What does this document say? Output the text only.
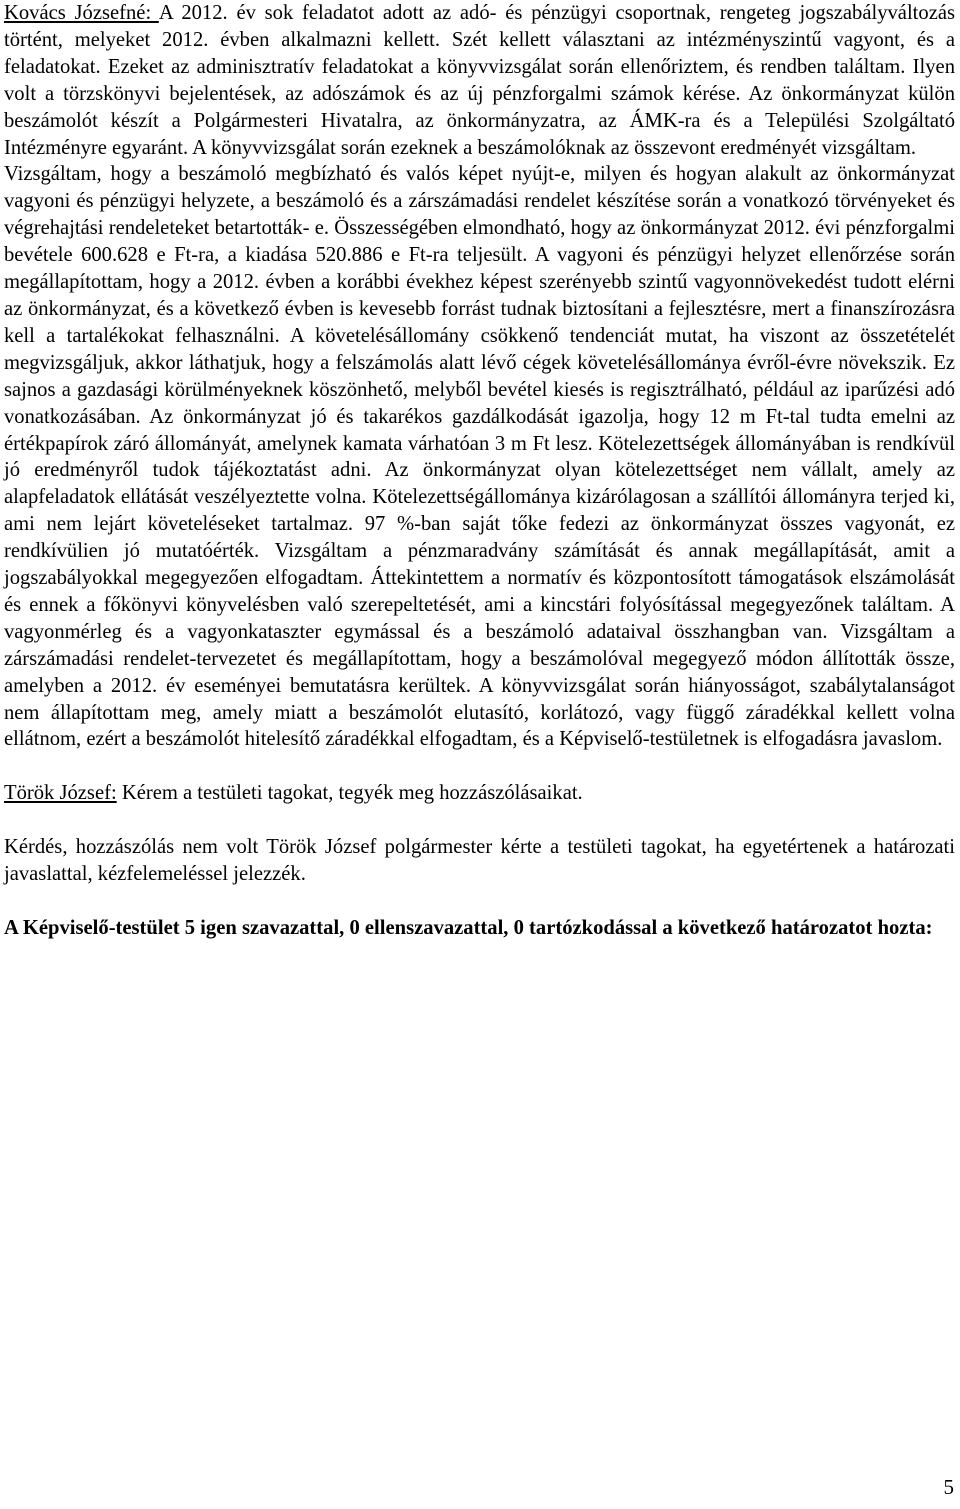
Kovács Józsefné: A 2012. év sok feladatot adott az adó- és pénzügyi csoportnak, rengeteg jogszabályváltozás történt, melyeket 2012. évben alkalmazni kellett. Szét kellett választani az intézményszintű vagyont, és a feladatokat. Ezeket az adminisztratív feladatokat a könyvvizsgálat során ellenőriztem, és rendben találtam. Ilyen volt a törzskönyvi bejelentések, az adószámok és az új pénzforgalmi számok kérése. Az önkormányzat külön beszámolót készít a Polgármesteri Hivatalra, az önkormányzatra, az ÁMK-ra és a Települési Szolgáltató Intézményre egyaránt. A könyvvizsgálat során ezeknek a beszámolóknak az összevont eredményét vizsgáltam.

Vizsgáltam, hogy a beszámoló megbízható és valós képet nyújt-e, milyen és hogyan alakult az önkormányzat vagyoni és pénzügyi helyzete, a beszámoló és a zárszámadási rendelet készítése során a vonatkozó törvényeket és végrehajtási rendeleteket betartották- e. Összességében elmondható, hogy az önkormányzat 2012. évi pénzforgalmi bevétele 600.628 e Ft-ra, a kiadása 520.886 e Ft-ra teljesült. A vagyoni és pénzügyi helyzet ellenőrzése során megállapítottam, hogy a 2012. évben a korábbi évekhez képest szerényebb szintű vagyonnövekedést tudott elérni az önkormányzat, és a következő évben is kevesebb forrást tudnak biztosítani a fejlesztésre, mert a finanszírozásra kell a tartalékokat felhasználni. A követelésállomány csökkenő tendenciát mutat, ha viszont az összetételét megvizsgáljuk, akkor láthatjuk, hogy a felszámolás alatt lévő cégek követelésállománya évről-évre növekszik. Ez sajnos a gazdasági körülményeknek köszönhető, melyből bevétel kiesés is regisztrálható, például az iparűzési adó vonatkozásában. Az önkormányzat jó és takarékos gazdálkodását igazolja, hogy 12 m Ft-tal tudta emelni az értékpapírok záró állományát, amelynek kamata várhatóan 3 m Ft lesz. Kötelezettségek állományában is rendkívül jó eredményről tudok tájékoztatást adni. Az önkormányzat olyan kötelezettséget nem vállalt, amely az alapfeladatok ellátását veszélyeztette volna. Kötelezettségállománya kizárólagosan a szállítói állományra terjed ki, ami nem lejárt követeléseket tartalmaz. 97 %-ban saját tőke fedezi az önkormányzat összes vagyonát, ez rendkívülien jó mutatóérték. Vizsgáltam a pénzmaradvány számítását és annak megállapítását, amit a jogszabályokkal megegyezően elfogadtam. Áttekintettem a normatív és központosított támogatások elszámolását és ennek a főkönyvi könyvelésben való szerepeltetését, ami a kincstári folyósítással megegyezőnek találtam. A vagyonmérleg és a vagyonkataszter egymással és a beszámoló adataival összhangban van. Vizsgáltam a zárszámadási rendelet-tervezetet és megállapítottam, hogy a beszámolóval megegyező módon állították össze, amelyben a 2012. év eseményei bemutatásra kerültek. A könyvvizsgálat során hiányosságot, szabálytalanságot nem állapítottam meg, amely miatt a beszámolót elutasító, korlátozó, vagy függő záradékkal kellett volna ellátnom, ezért a beszámolót hitelesítő záradékkal elfogadtam, és a Képviselő-testületnek is elfogadásra javaslom.

Török József: Kérem a testületi tagokat, tegyék meg hozzászólásaikat.

Kérdés, hozzászólás nem volt Török József polgármester kérte a testületi tagokat, ha egyetértenek a határozati javaslattal, kézfelemeléssel jelezzék.

A Képviselő-testület 5 igen szavazattal, 0 ellenszavazattal, 0 tartózkodással a következő határozatot hozta:

5
